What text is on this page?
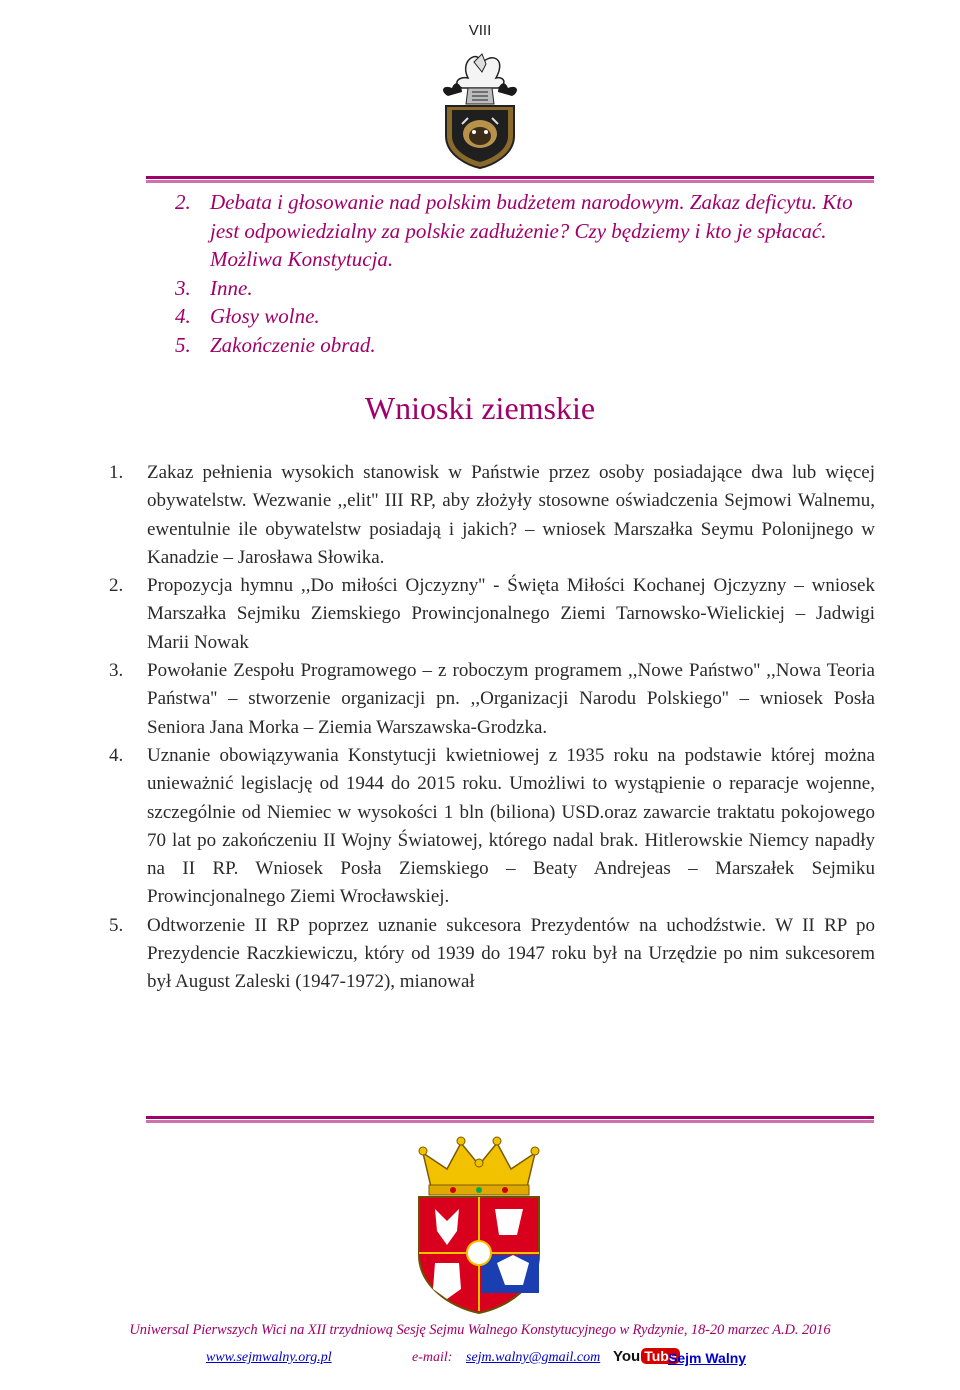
VIII
2. Debata i głosowanie nad polskim budżetem narodowym. Zakaz deficytu. Kto jest odpowiedzialny za polskie zadłużenie? Czy będziemy i kto je spłacać. Możliwa Konstytucja.
3. Inne.
4. Głosy wolne.
5. Zakończenie obrad.
Wnioski ziemskie
1.	Zakaz pełnienia wysokich stanowisk w Państwie przez osoby posiadające dwa lub więcej obywatelstw. Wezwanie ,,elit'' III RP, aby złożyły stosowne oświadczenia Sejmowi Walnemu, ewentulnie ile obywatelstw posiadają i jakich? – wniosek Marszałka Seymu Polonijnego w Kanadzie – Jarosława Słowika.
2.	Propozycja hymnu ,,Do miłości Ojczyzny'' - Święta Miłości Kochanej Ojczyzny – wniosek Marszałka Sejmiku Ziemskiego Prowincjonalnego Ziemi Tarnowsko-Wielickiej – Jadwigi Marii Nowak
3.	Powołanie Zespołu Programowego – z roboczym programem ,,Nowe Państwo'' ,,Nowa Teoria Państwa'' – stworzenie organizacji pn. ,,Organizacji Narodu Polskiego'' – wniosek Posła Seniora Jana Morka – Ziemia Warszawska-Grodzka.
4.	Uznanie obowiązywania Konstytucji kwietniowej z 1935 roku na podstawie której można unieważnić legislację od 1944 do 2015 roku. Umożliwi to wystąpienie o reparacje wojenne, szczególnie od Niemiec w wysokości 1 bln (biliona) USD.oraz zawarcie traktatu pokojowego 70 lat po zakończeniu II Wojny Światowej, którego nadal brak. Hitlerowskie Niemcy napadły na II RP. Wniosek Posła Ziemskiego – Beaty Andrejeas – Marszałek Sejmiku Prowincjonalnego Ziemi Wrocławskiej.
5.	Odtworzenie II RP poprzez uznanie sukcesora Prezydentów na uchodźstwie. W II RP po Prezydencie Raczkiewiczu, który od 1939 do 1947 roku był na Urzędzie po nim sukcesorem był August Zaleski (1947-1972), mianował
Uniwersal Pierwszych Wici na XII trzydniową Sesję Sejmu Walnego Konstytucyjnego w Rydzynie, 18-20 marzec A.D. 2016
www.sejmwalny.org.pl	e-mail: sejm.walny@gmail.com You Tube
Sejm Walny
